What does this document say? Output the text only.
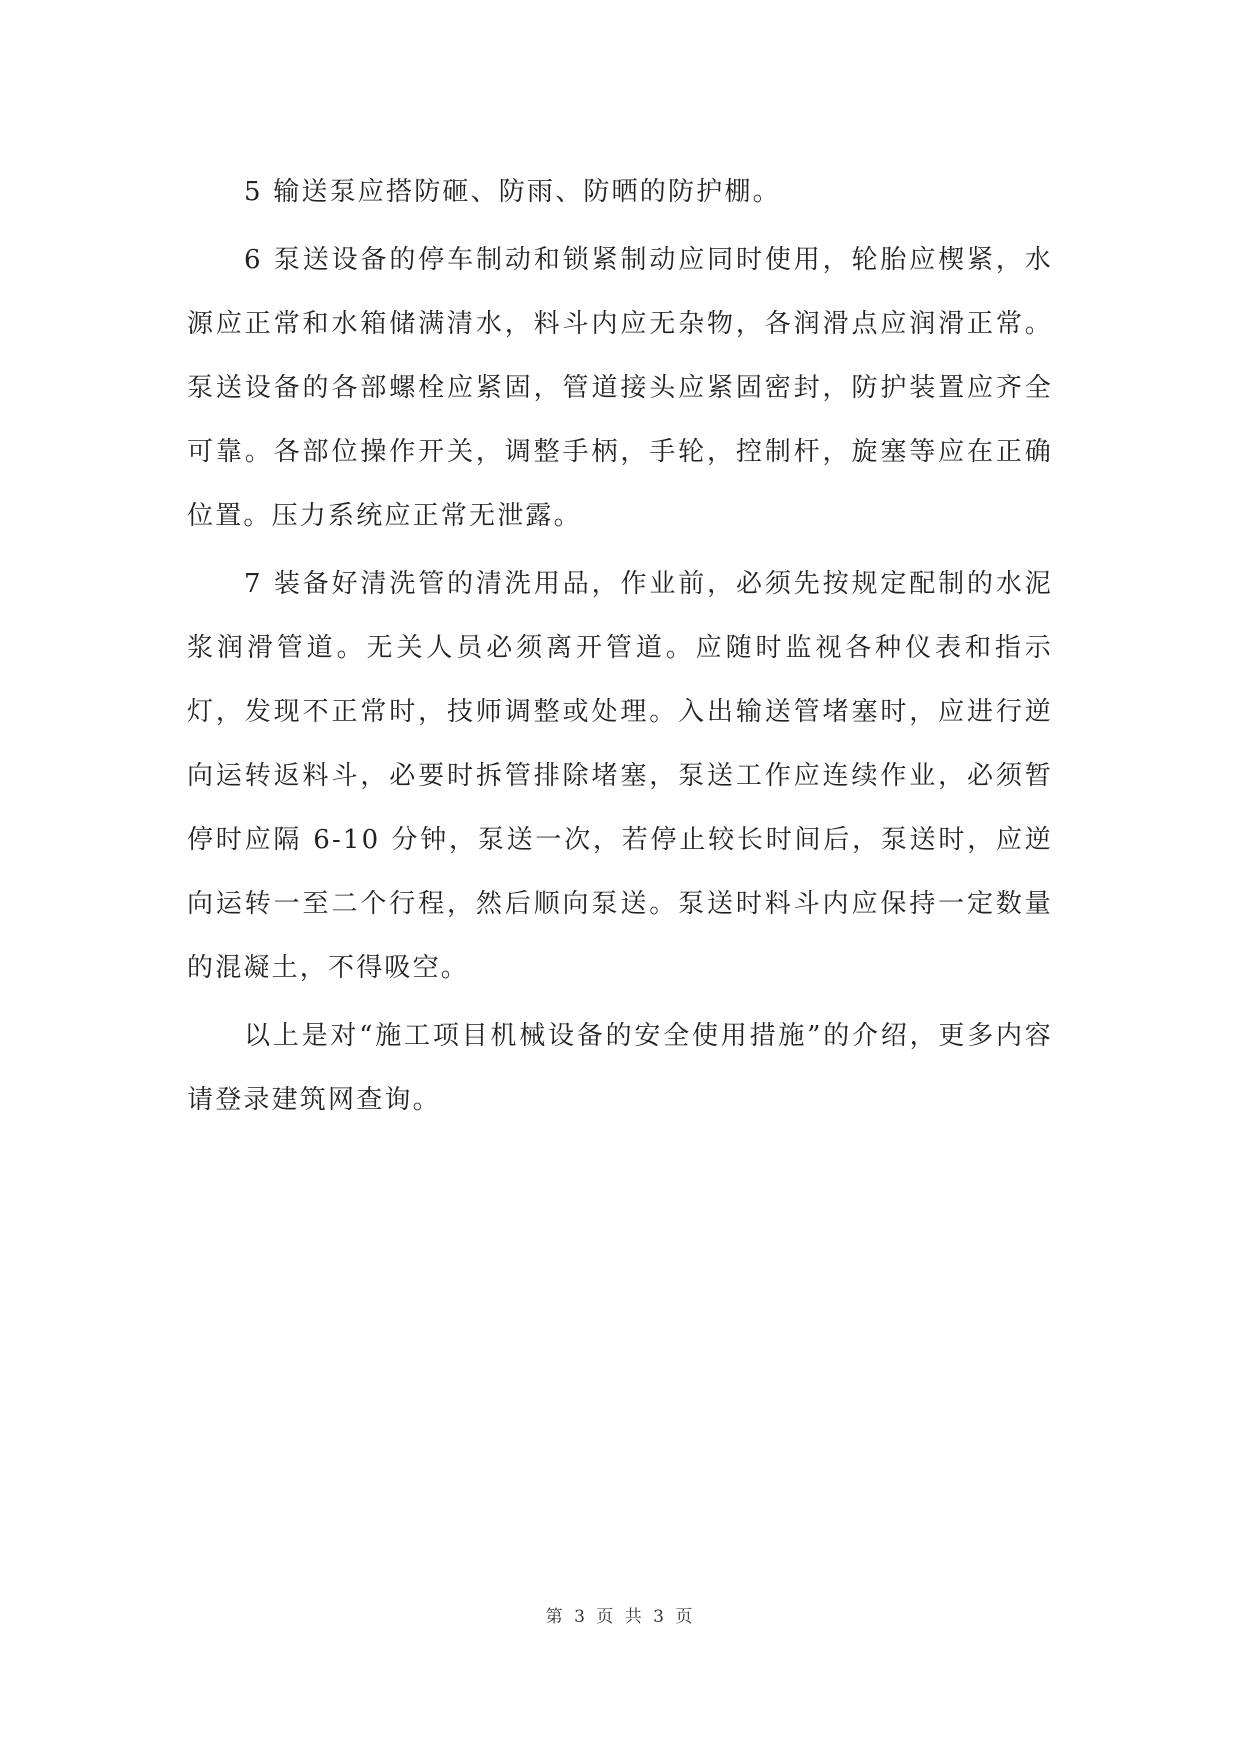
5 输送泵应搭防砸、防雨、防晒的防护棚。

6 泵送设备的停车制动和锁紧制动应同时使用，轮胎应楔紧，水源应正常和水箱储满清水，料斗内应无杂物，各润滑点应润滑正常。泵送设备的各部螺栓应紧固，管道接头应紧固密封，防护装置应齐全可靠。各部位操作开关，调整手柄，手轮，控制杆，旋塞等应在正确位置。压力系统应正常无泄露。

7 装备好清洗管的清洗用品，作业前，必须先按规定配制的水泥浆润滑管道。无关人员必须离开管道。应随时监视各种仪表和指示灯，发现不正常时，技师调整或处理。入出输送管堵塞时，应进行逆向运转返料斗，必要时拆管排除堵塞，泵送工作应连续作业，必须暂停时应隔 6-10 分钟，泵送一次，若停止较长时间后，泵送时，应逆向运转一至二个行程，然后顺向泵送。泵送时料斗内应保持一定数量的混凝土，不得吸空。

以上是对“施工项目机械设备的安全使用措施”的介绍，更多内容请登录建筑网查询。

第 3 页 共 3 页
